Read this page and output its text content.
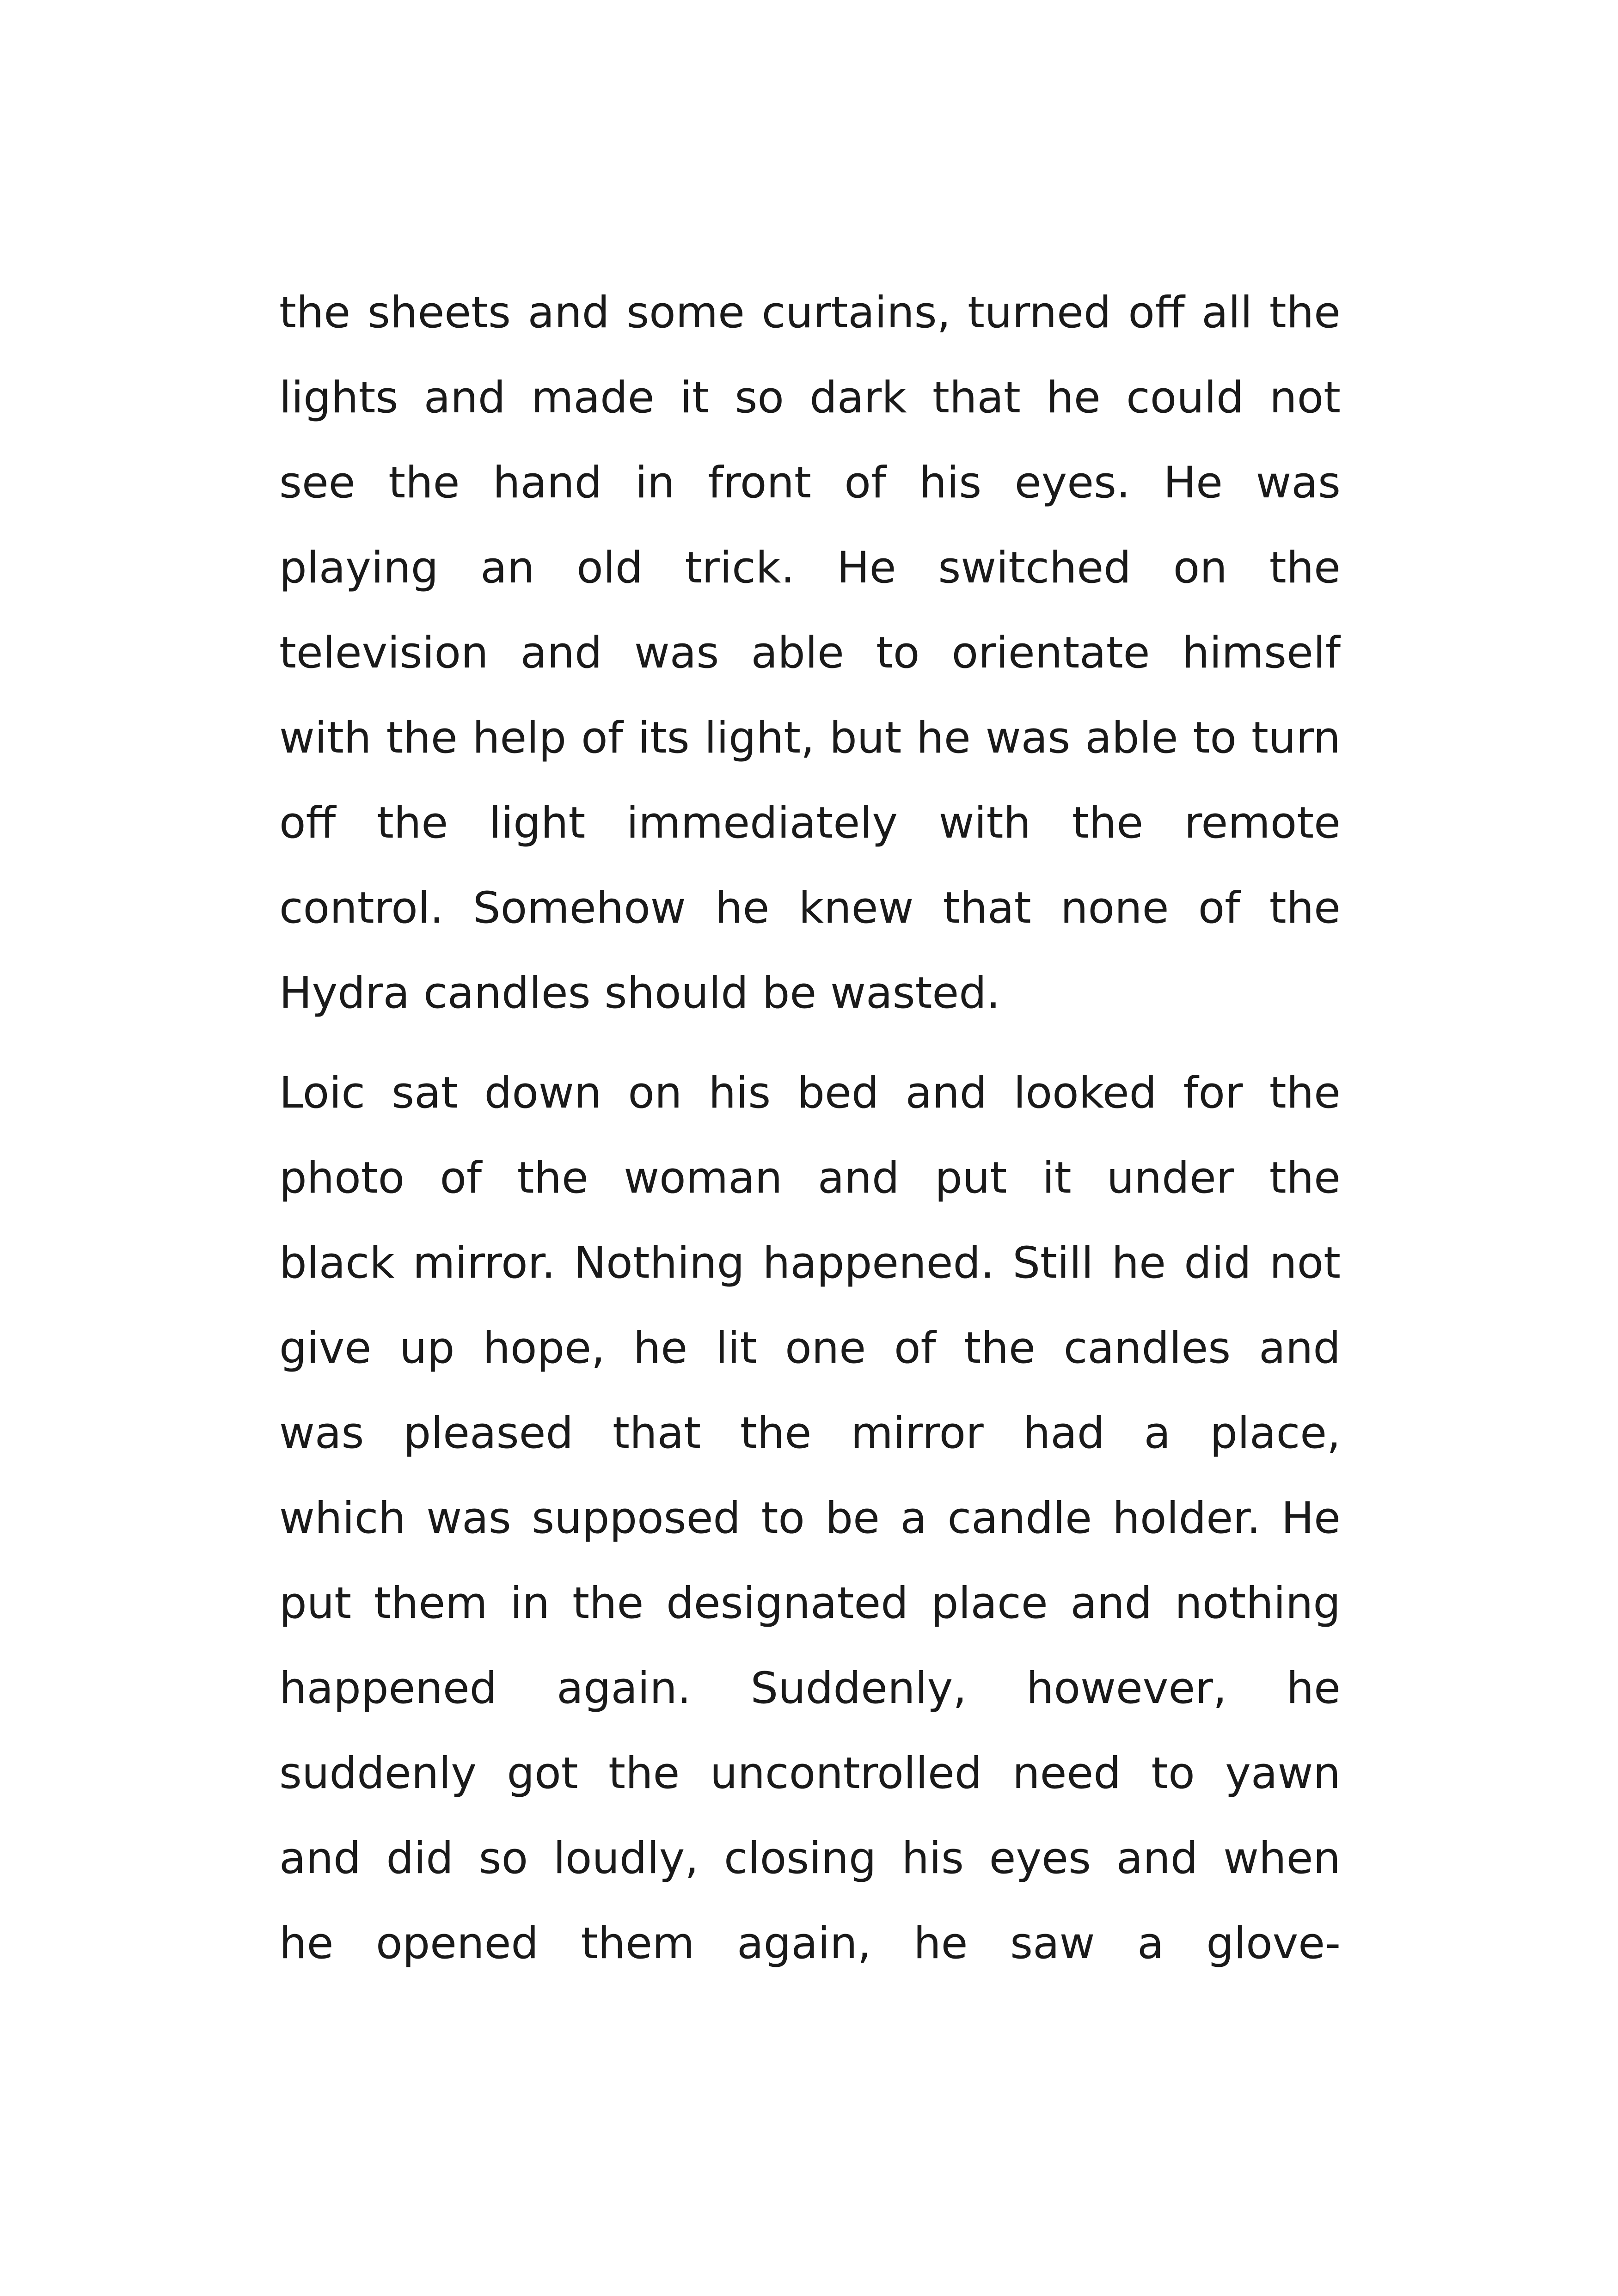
the sheets and some curtains, turned off all the
lights and made it so dark that he could not
see the hand in front of his eyes. He was
playing an old trick. He switched on the
television and was able to orientate himself
with the help of its light, but he was able to turn
off the light immediately with the remote
control. Somehow he knew that none of the
Hydra candles should be wasted.
Loic sat down on his bed and looked for the
photo of the woman and put it under the
black mirror. Nothing happened. Still he did not
give up hope, he lit one of the candles and
was pleased that the mirror had a place,
which was supposed to be a candle holder. He
put them in the designated place and nothing
happened again. Suddenly, however, he
suddenly got the uncontrolled need to yawn
and did so loudly, closing his eyes and when
he opened them again, he saw a glove-
